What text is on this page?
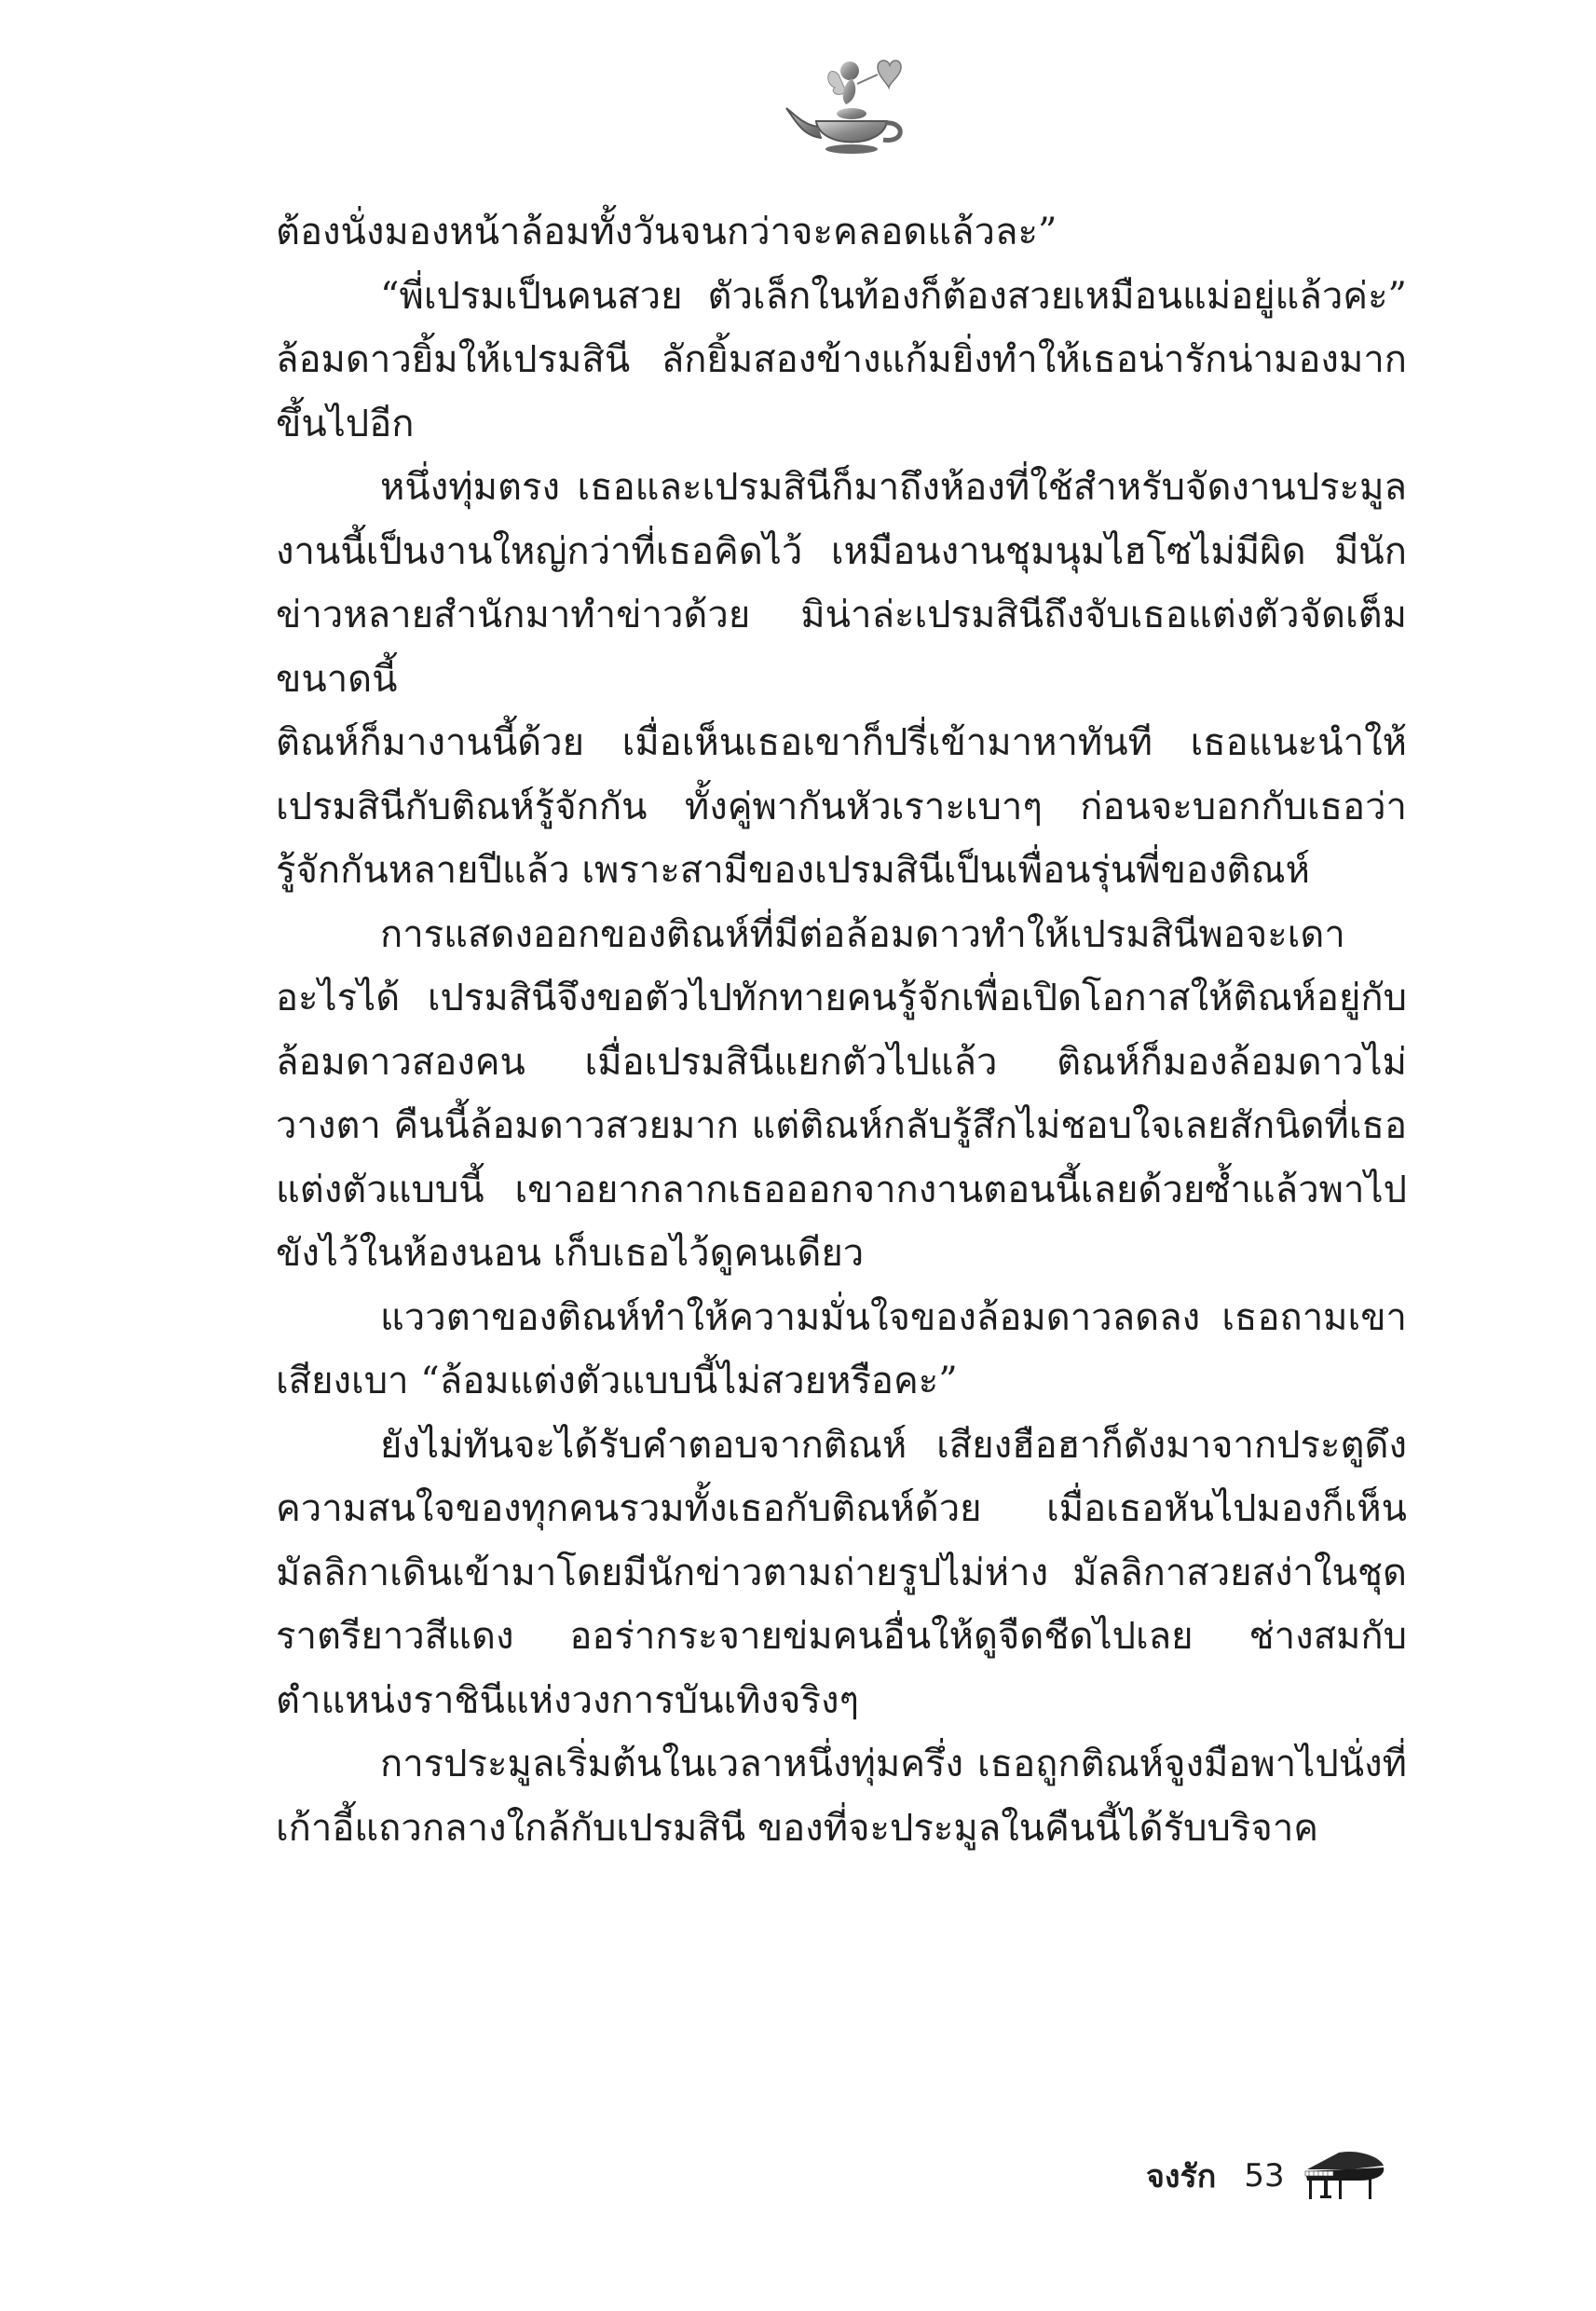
ต้องนั่งมองหน้าล้อมทั้งวันจนกว่าจะคลอดแล้วละ”

“พี่เปรมเป็นคนสวย ตัวเล็กในท้องก็ต้องสวยเหมือนแม่อยู่แล้วค่ะ” ล้อมดาวยิ้มให้เปรมสินี ลักยิ้มสองข้างแก้มยิ่งทำให้เธอน่ารักน่ามองมากขึ้นไปอีก

หนึ่งทุ่มตรง เธอและเปรมสินีก็มาถึงห้องที่ใช้สำหรับจัดงานประมูล งานนี้เป็นงานใหญ่กว่าที่เธอคิดไว้ เหมือนงานชุมนุมไฮโซไม่มีผิด มีนักข่าวหลายสำนักมาทำข่าวด้วย มิน่าล่ะเปรมสินีถึงจับเธอแต่งตัวจัดเต็มขนาดนี้

ติณห์ก็มางานนี้ด้วย เมื่อเห็นเธอเขาก็ปรี่เข้ามาหาทันที เธอแนะนำให้เปรมสินีกับติณห์รู้จักกัน ทั้งคู่พากันหัวเราะเบาๆ ก่อนจะบอกกับเธอว่ารู้จักกันหลายปีแล้ว เพราะสามีของเปรมสินีเป็นเพื่อนรุ่นพี่ของติณห์

การแสดงออกของติณห์ที่มีต่อล้อมดาวทำให้เปรมสินีพอจะเดาอะไรได้ เปรมสินีจึงขอตัวไปทักทายคนรู้จักเพื่อเปิดโอกาสให้ติณห์อยู่กับล้อมดาวสองคน เมื่อเปรมสินีแยกตัวไปแล้ว ติณห์ก็มองล้อมดาวไม่วางตา คืนนี้ล้อมดาวสวยมาก แต่ติณห์กลับรู้สึกไม่ชอบใจเลยสักนิดที่เธอแต่งตัวแบบนี้ เขาอยากลากเธอออกจากงานตอนนี้เลยด้วยซ้ำแล้วพาไปขังไว้ในห้องนอน เก็บเธอไว้ดูคนเดียว

แววตาของติณห์ทำให้ความมั่นใจของล้อมดาวลดลง เธอถามเขาเสียงเบา “ล้อมแต่งตัวแบบนี้ไม่สวยหรือคะ”

ยังไม่ทันจะได้รับคำตอบจากติณห์ เสียงฮือฮาก็ดังมาจากประตูดึงความสนใจของทุกคนรวมทั้งเธอกับติณห์ด้วย เมื่อเธอหันไปมองก็เห็นมัลลิกาเดินเข้ามาโดยมีนักข่าวตามถ่ายรูปไม่ห่าง มัลลิกาสวยสง่าในชุดราตรียาวสีแดง ออร่ากระจายข่มคนอื่นให้ดูจืดชืดไปเลย ช่างสมกับตำแหน่งราชินีแห่งวงการบันเทิงจริงๆ

การประมูลเริ่มต้นในเวลาหนึ่งทุ่มครึ่ง เธอถูกติณห์จูงมือพาไปนั่งที่เก้าอี้แถวกลางใกล้กับเปรมสินี ของที่จะประมูลในคืนนี้ได้รับบริจาค

จงรัก 53
